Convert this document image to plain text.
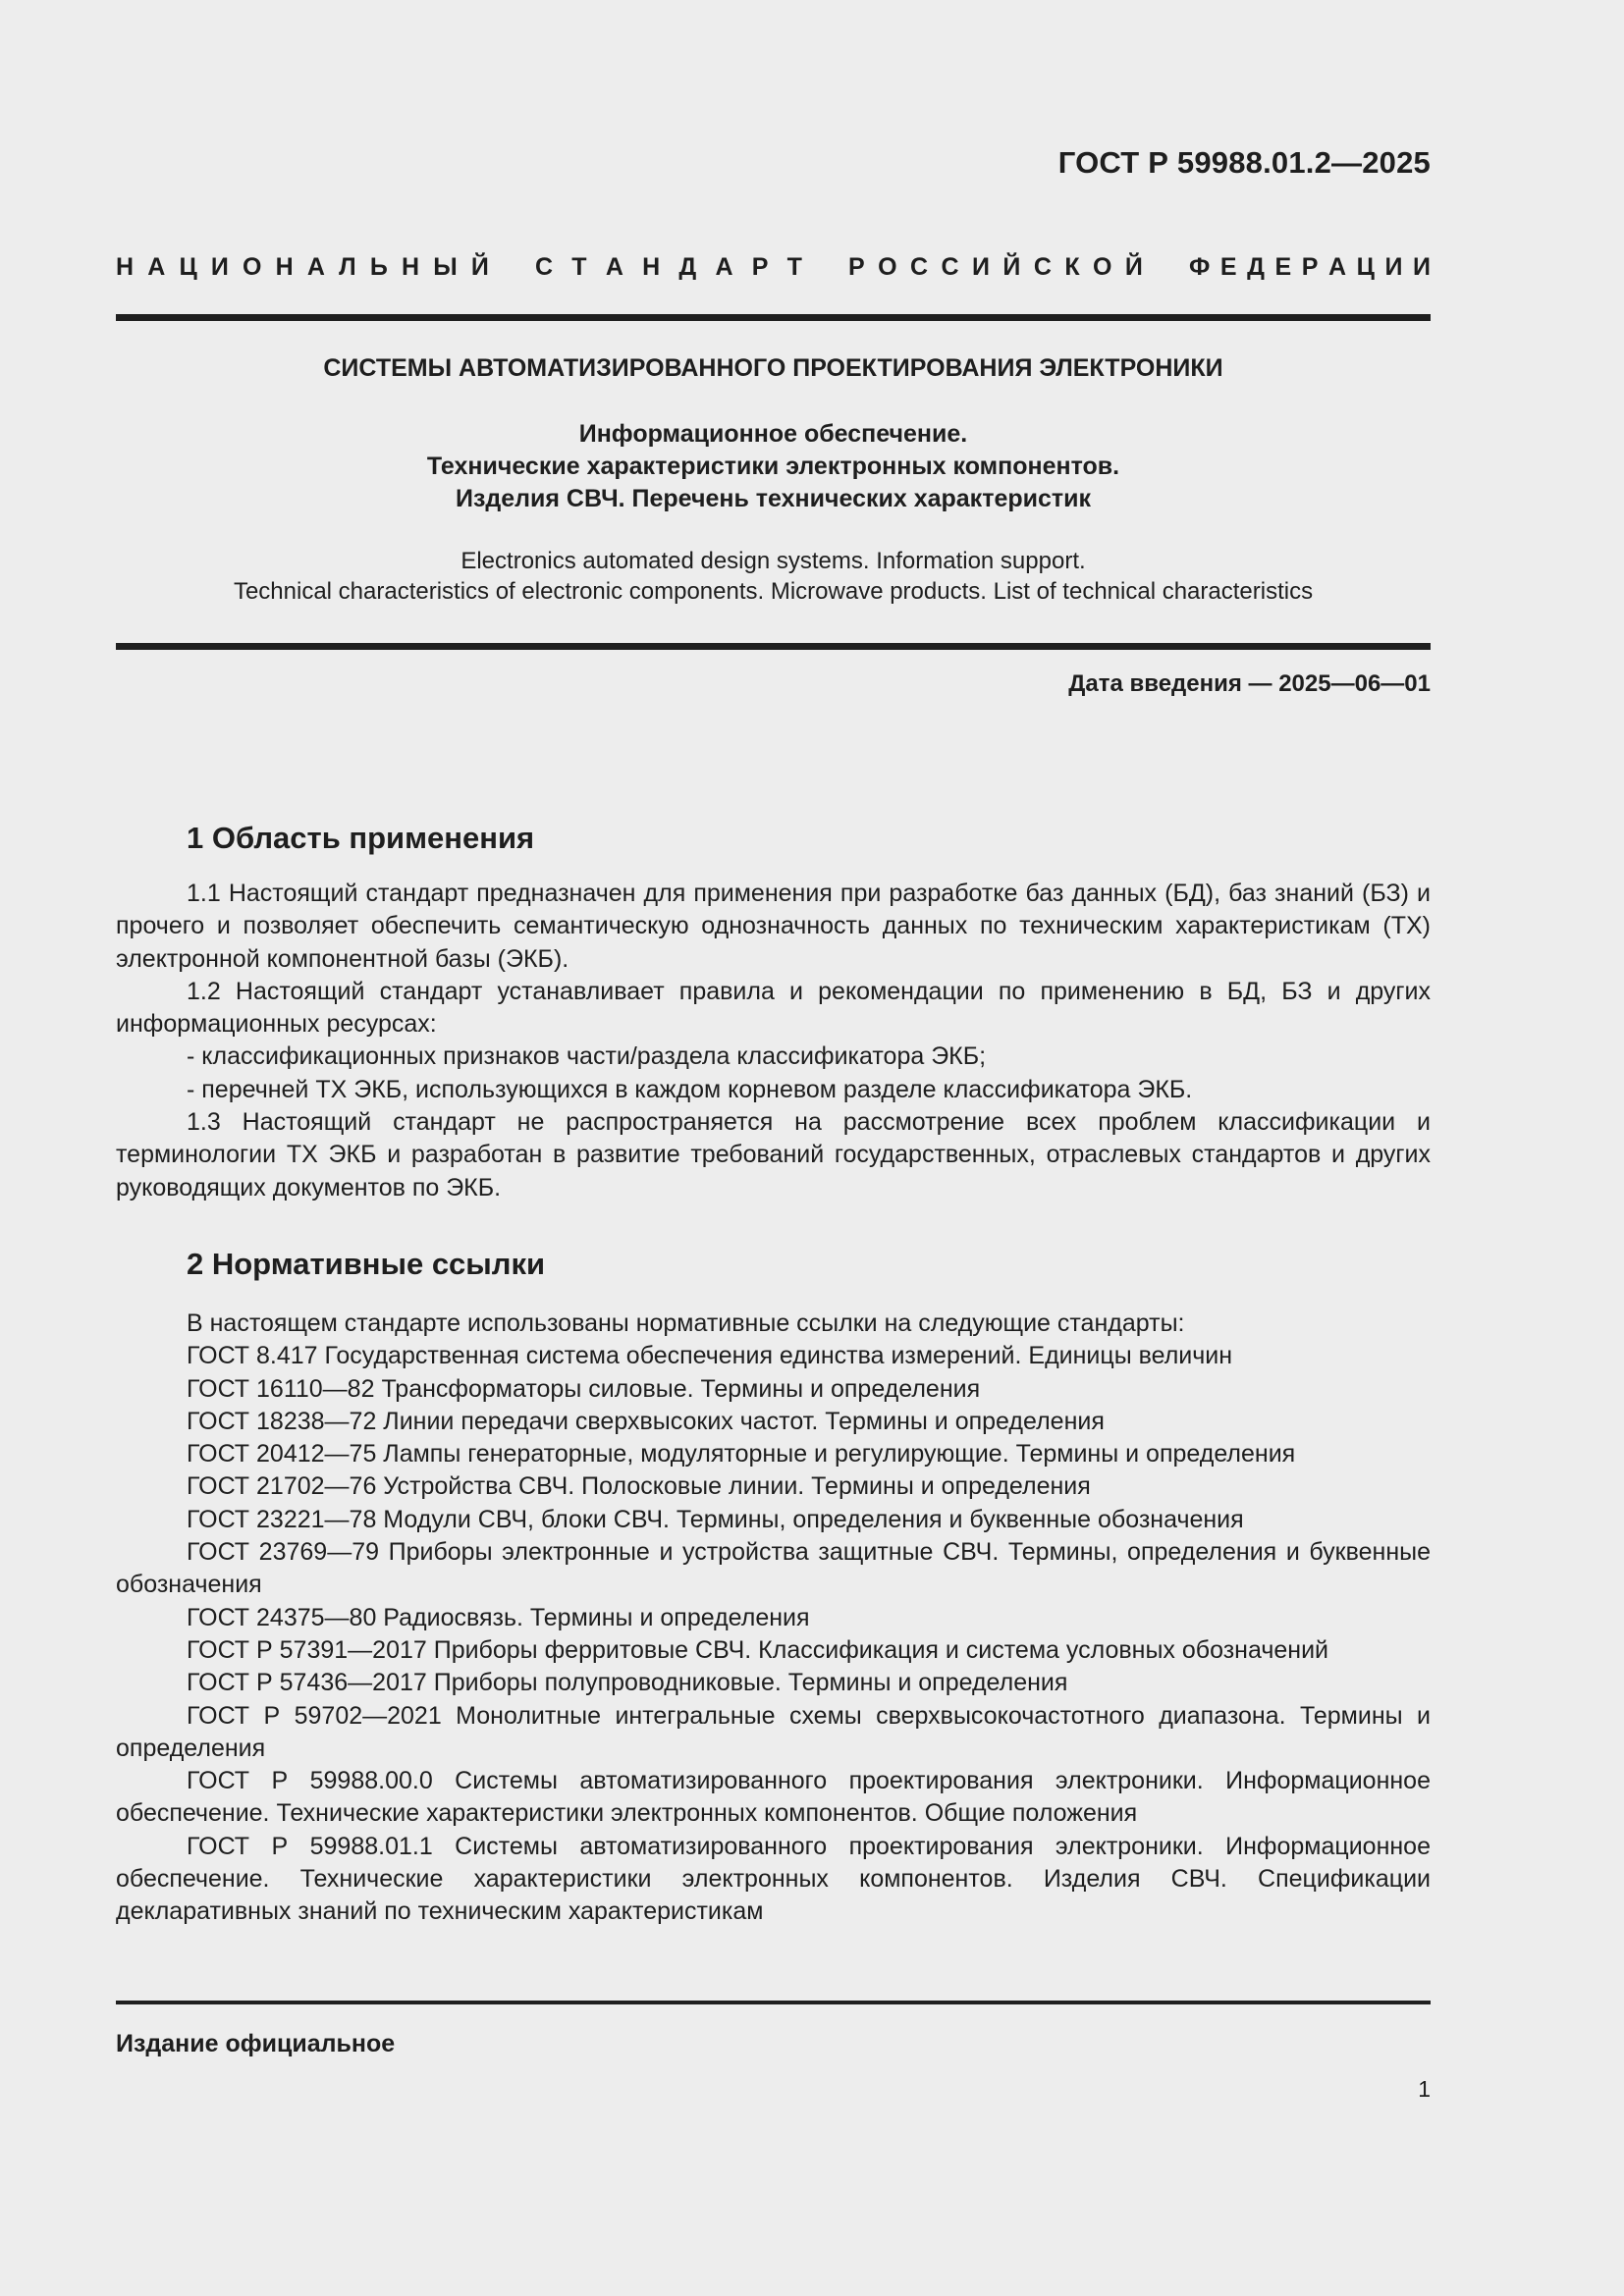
ГОСТ Р 59988.01.2—2025
Н А Ц И О Н А Л Ь Н Ы Й С Т А Н Д А Р Т Р О С С И Й С К О Й Ф Е Д Е Р А Ц И И
СИСТЕМЫ АВТОМАТИЗИРОВАННОГО ПРОЕКТИРОВАНИЯ ЭЛЕКТРОНИКИ
Информационное обеспечение.
Технические характеристики электронных компонентов.
Изделия СВЧ. Перечень технических характеристик
Electronics automated design systems. Information support.
Technical characteristics of electronic components. Microwave products. List of technical characteristics
Дата введения — 2025—06—01
1 Область применения

1.1 Настоящий стандарт предназначен для применения при разработке баз данных (БД), баз знаний (БЗ) и прочего и позволяет обеспечить семантическую однозначность данных по техническим характеристикам (ТХ) электронной компонентной базы (ЭКБ).

1.2 Настоящий стандарт устанавливает правила и рекомендации по применению в БД, БЗ и других информационных ресурсах:

- классификационных признаков части/раздела классификатора ЭКБ;

- перечней ТХ ЭКБ, использующихся в каждом корневом разделе классификатора ЭКБ.

1.3 Настоящий стандарт не распространяется на рассмотрение всех проблем классификации и терминологии ТХ ЭКБ и разработан в развитие требований государственных, отраслевых стандартов и других руководящих документов по ЭКБ.

2 Нормативные ссылки

В настоящем стандарте использованы нормативные ссылки на следующие стандарты:

ГОСТ 8.417 Государственная система обеспечения единства измерений. Единицы величин

ГОСТ 16110—82 Трансформаторы силовые. Термины и определения

ГОСТ 18238—72 Линии передачи сверхвысоких частот. Термины и определения

ГОСТ 20412—75 Лампы генераторные, модуляторные и регулирующие. Термины и определения

ГОСТ 21702—76 Устройства СВЧ. Полосковые линии. Термины и определения

ГОСТ 23221—78 Модули СВЧ, блоки СВЧ. Термины, определения и буквенные обозначения

ГОСТ 23769—79 Приборы электронные и устройства защитные СВЧ. Термины, определения и буквенные обозначения

ГОСТ 24375—80 Радиосвязь. Термины и определения

ГОСТ Р 57391—2017 Приборы ферритовые СВЧ. Классификация и система условных обозначений

ГОСТ Р 57436—2017 Приборы полупроводниковые. Термины и определения

ГОСТ Р 59702—2021 Монолитные интегральные схемы сверхвысокочастотного диапазона. Термины и определения

ГОСТ Р 59988.00.0 Системы автоматизированного проектирования электроники. Информационное обеспечение. Технические характеристики электронных компонентов. Общие положения

ГОСТ Р 59988.01.1 Системы автоматизированного проектирования электроники. Информационное обеспечение. Технические характеристики электронных компонентов. Изделия СВЧ. Спецификации декларативных знаний по техническим характеристикам

Издание официальное
1
